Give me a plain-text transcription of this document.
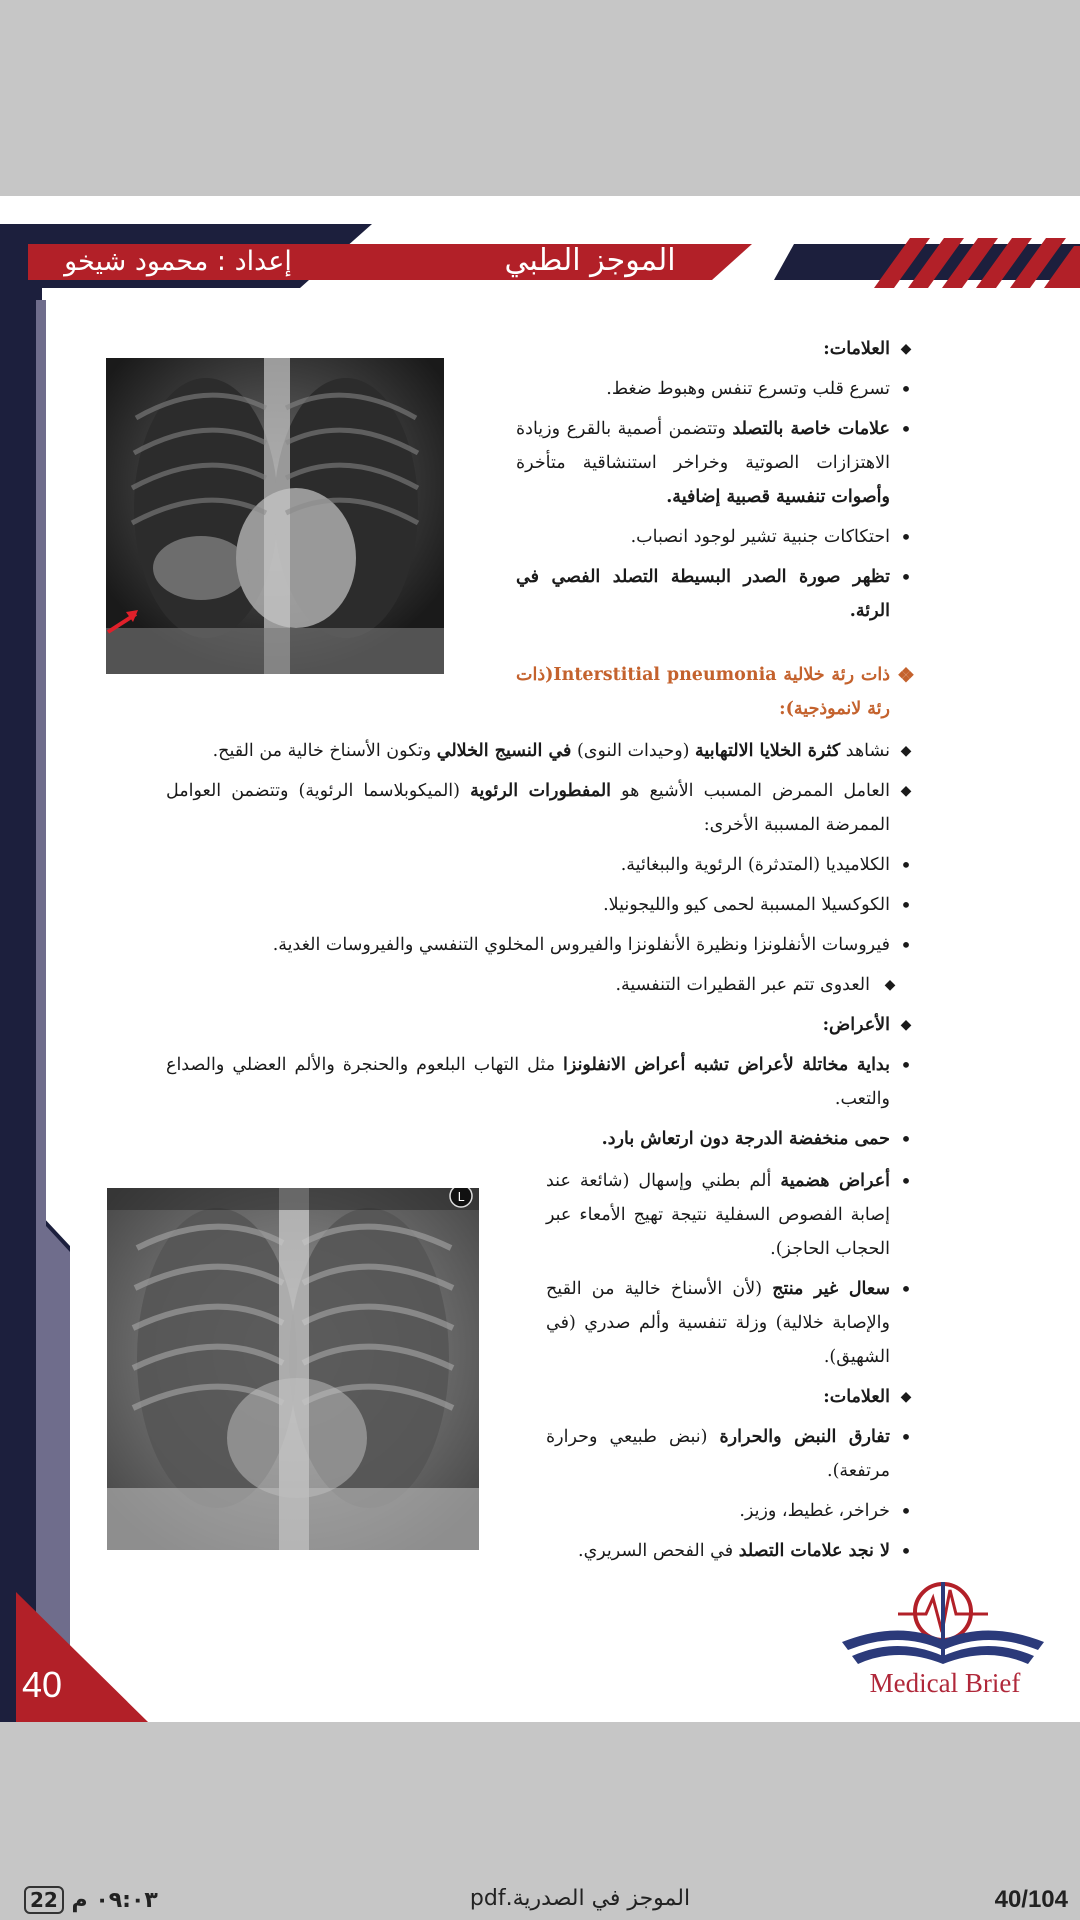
الموجز الطبي
إعداد : محمود شيخو
40
◆
العلامات:
•
تسرع قلب وتسرع تنفس وهبوط ضغط.
•
علامات خاصة بالتصلد وتتضمن أصمية بالقرع وزيادة الاهتزازات الصوتية وخراخر استنشاقية متأخرة وأصوات تنفسية قصبية إضافية.
•
احتكاكات جنبية تشير لوجود انصباب.
•
تظهر صورة الصدر البسيطة التصلد الفصي في الرئة.
❖
ذات رئة خلالية Interstitial pneumonia(ذات رئة لانموذجية):
◆
نشاهد كثرة الخلايا الالتهابية (وحيدات النوى) في النسيج الخلالي وتكون الأسناخ خالية من القيح.
◆
العامل الممرض المسبب الأشيع هو المفطورات الرئوية (الميكوبلاسما الرئوية) وتتضمن العوامل الممرضة المسببة الأخرى:
•
الكلاميديا (المتدثرة) الرئوية والببغائية.
•
الكوكسيلا المسببة لحمى كيو والليجونيلا.
•
فيروسات الأنفلونزا ونظيرة الأنفلونزا والفيروس المخلوي التنفسي والفيروسات الغدية.
◆
العدوى تتم عبر القطيرات التنفسية.
◆
الأعراض:
•
بداية مخاتلة لأعراض تشبه أعراض الانفلونزا مثل التهاب البلعوم والحنجرة والألم العضلي والصداع والتعب.
•
حمى منخفضة الدرجة دون ارتعاش بارد.
L
•
أعراض هضمية ألم بطني وإسهال (شائعة عند إصابة الفصوص السفلية نتيجة تهيج الأمعاء عبر الحجاب الحاجز).
•
سعال غير منتج (لأن الأسناخ خالية من القيح والإصابة خلالية) وزلة تنفسية وألم صدري (في الشهيق).
◆
العلامات:
•
تفارق النبض والحرارة (نبض طبيعي وحرارة مرتفعة).
•
خراخر، غطيط، وزيز.
•
لا نجد علامات التصلد في الفحص السريري.
Medical Brief
40/104
الموجز في الصدرية.pdf
٠٩:٠٣ م 22
